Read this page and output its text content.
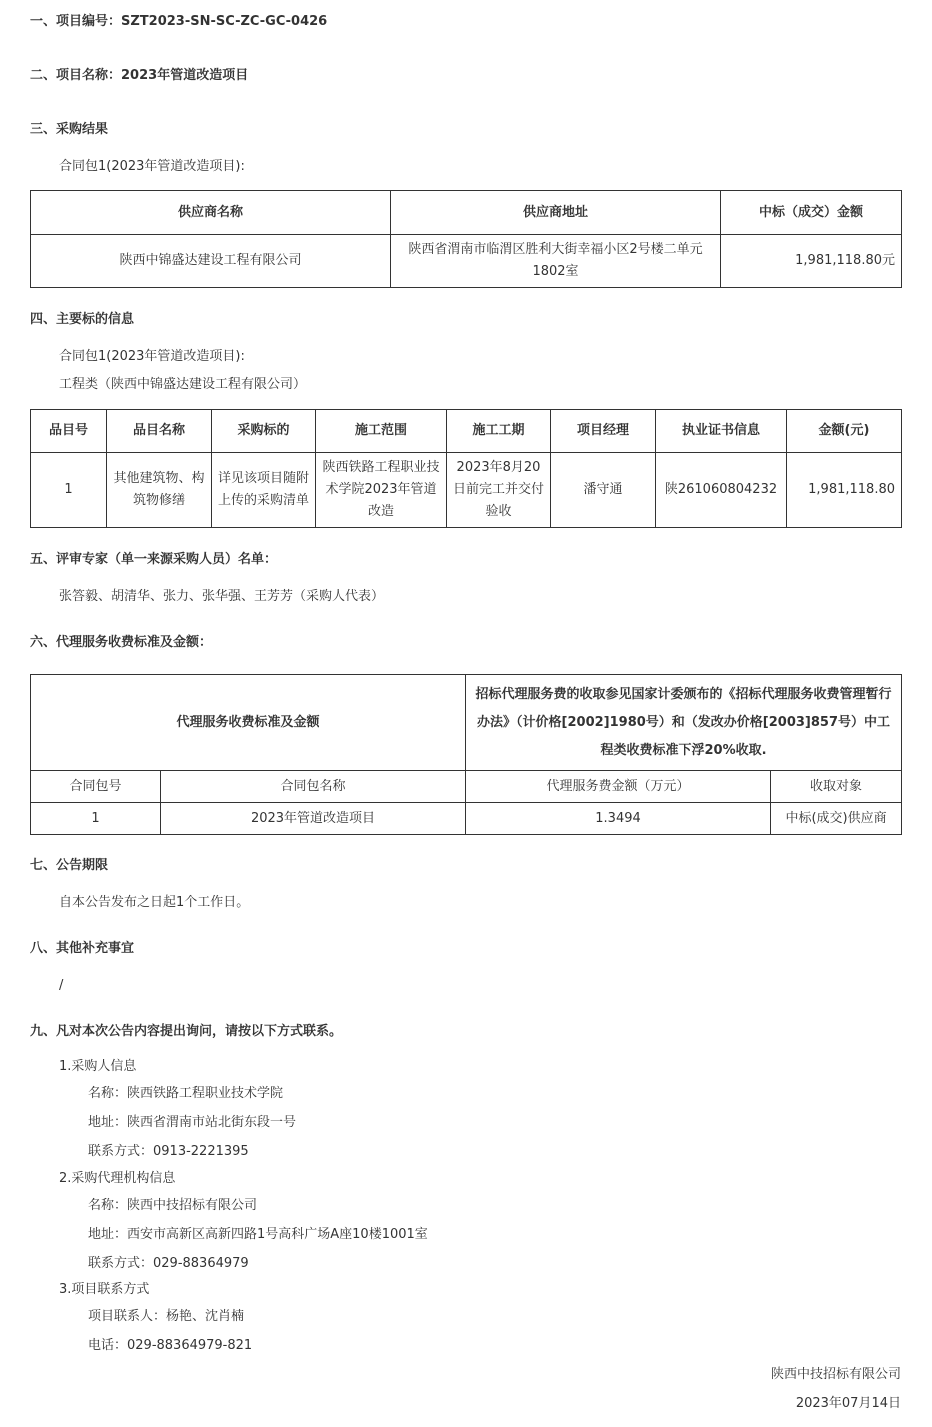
一、项目编号：SZT2023-SN-SC-ZC-GC-0426
二、项目名称：2023年管道改造项目
三、采购结果
合同包1(2023年管道改造项目):
供应商名称	供应商地址	中标（成交）金额
陕西中锦盛达建设工程有限公司	陕西省渭南市临渭区胜利大街幸福小区2号楼二单元1802室	1,981,118.80元
四、主要标的信息
合同包1(2023年管道改造项目):
工程类（陕西中锦盛达建设工程有限公司）
品目号	品目名称	采购标的	施工范围	施工工期	项目经理	执业证书信息	金额(元)
1	其他建筑物、构筑物修缮	详见该项目随附上传的采购清单	陕西铁路工程职业技术学院2023年管道改造	2023年8月20日前完工并交付验收	潘守通	陕261060804232	1,981,118.80
五、评审专家（单一来源采购人员）名单：
张答毅、胡清华、张力、张华强、王芳芳（采购人代表）
六、代理服务收费标准及金额：
代理服务收费标准及金额		招标代理服务费的收取参见国家计委颁布的《招标代理服务收费管理暂行办法》（计价格[2002]1980号）和（发改办价格[2003]857号）中工程类收费标准下浮20%收取.	
合同包号	合同包名称	代理服务费金额（万元）	收取对象
1	2023年管道改造项目	1.3494	中标(成交)供应商
七、公告期限
自本公告发布之日起1个工作日。
八、其他补充事宜
/
九、凡对本次公告内容提出询问，请按以下方式联系。
1.采购人信息
名称：陕西铁路工程职业技术学院
地址：陕西省渭南市站北街东段一号
联系方式：0913-2221395
2.采购代理机构信息
名称：陕西中技招标有限公司
地址：西安市高新区高新四路1号高科广场A座10楼1001室
联系方式：029-88364979
3.项目联系方式
项目联系人：杨艳、沈肖楠
电话：029-88364979-821
陕西中技招标有限公司
2023年07月14日
